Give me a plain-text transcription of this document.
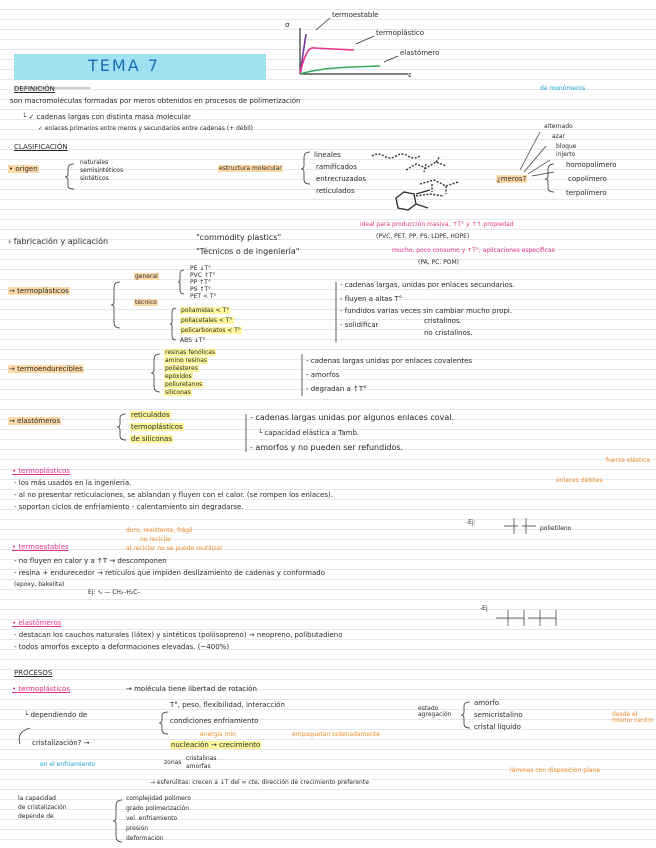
σ
ε
termoestable
termoplástico
elastómero
TEMA 7
DEFINICIÓN	de monómeros
son macromoléculas formadas por meros obtenidos en procesos de polimerización
└ ✓ cadenas largas con distinta masa molecular
✓ enlaces primarios entre meros y secundarios entre cadenas (+ débil)
CLASIFICACIÓN
• origen
naturales
semisintéticos
sintéticos
estructura molecular
lineales
ramificados
entrecruzados
reticulados
¿meros?
alternado
azar
bloque
injerto
homopolímero
copolímero
terpolímero
› fabricación y aplicación	"commodity plastics"
ideal para producción masiva, ↑T° y ↑↑ propiedad
(PVC, PET, PP, PS, LDPE, HDPE)
"Técnicos o de ingeniería"	mucho, poco consumo y ↑T°, aplicaciones específicas
(PA, PC, POM)
→ termoplásticos
general
PE ↓T°
PVC ↑T°
PP ↑T°
PS ↑T°
PET < T°
técnico
poliamidas < T°
poliacetales < T°
policarbonatos < T°
ABS ↓T°
- cadenas largas, unidas por enlaces secundarios.
- fluyen a altas T°
- fundidos varias veces sin cambiar mucho propi.
- solidificar	cristalinos.
no cristalinos.
→ termoendurecibles
resinas fenólicas
amino resinas
poliésteres
epóxidos
poliuretanos
siliconas
- cadenas largas unidas por enlaces covalentes
- amorfos
- degradan a ↑T°
→ elastómeros
reticulados
termoplásticos
de siliconas
- cadenas largas unidas por algunos enlaces coval.
└ capacidad elástica a Tamb.
- amorfos y no pueden ser refundidos.
• termoplásticos
fuerza elástica
enlaces débiles
- los más usados en la ingeniería.
- al no presentar reticulaciones, se ablandan y fluyen con el calor. (se rompen los enlaces).
- soportan ciclos de enfriamiento - calentamiento sin degradarse.
-Ej:
polietileno
• termoestables
duro, resistente, frágil
no reciclar
al reciclar no se puede reutilizar
- no fluyen en calor y a ↑T → descomponen
- resina + endurecedor → retículos que impiden deslizamiento de cadenas y conformado
(epoxy, bakelita)
Ej: ∿ — CH₂–H₂C–
• elastómeros
-Ej
- destacan los cauchos naturales (látex) y sintéticos (poliisopreno) → neopreno, polibutadieno
- todos amorfos excepto a deformaciones elevadas. (~400%)
PROCESOS
• termoplásticos	→ molécula tiene libertad de rotación
└ dependiendo de
T°, peso, flexibilidad, interacción
condiciones enfriamiento
estado agregación
amorfo
semicristalino
cristal líquido
desde el mismo centro
cristalización? →
energía mín	empaquetan ordenadamente
nucleación → crecimiento
en el enfriamiento	zonas
cristalinas
amorfas
láminas con disposición plana
→ esferulitas: crecen a ↓T del ∞ cte, dirección de crecimiento preferente
la capacidad
de cristalización
depende de
complejidad polímero
grado polimerización
vel. enfriamiento
presión
deformación
